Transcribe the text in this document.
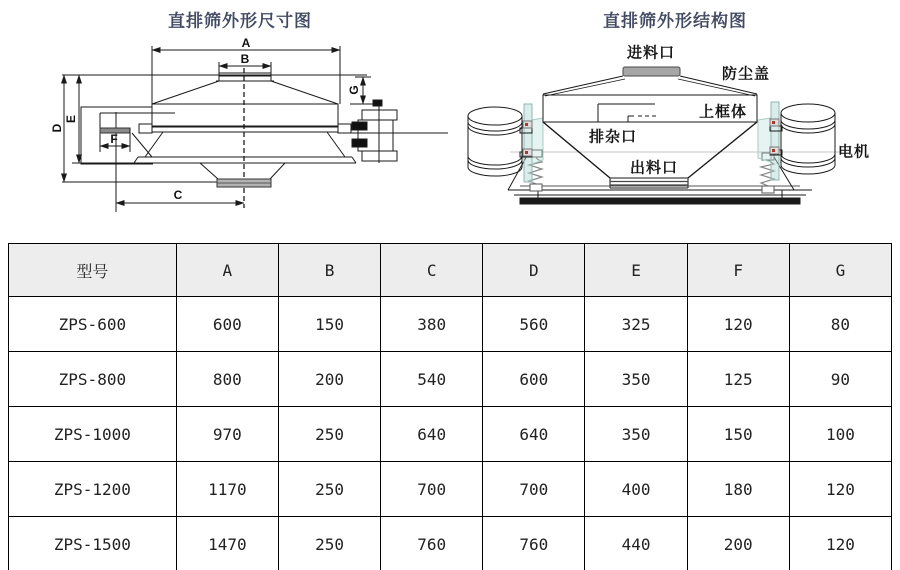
直排筛外形尺寸图
A
B
C
D
E
F
G
直排筛外形结构图
进料口
防尘盖
上框体
排杂口
出料口
电机
型号	A	B	C	D	E	F	G
ZPS-600	600	150	380	560	325	120	80
ZPS-800	800	200	540	600	350	125	90
ZPS-1000	970	250	640	640	350	150	100
ZPS-1200	1170	250	700	700	400	180	120
ZPS-1500	1470	250	760	760	440	200	120
